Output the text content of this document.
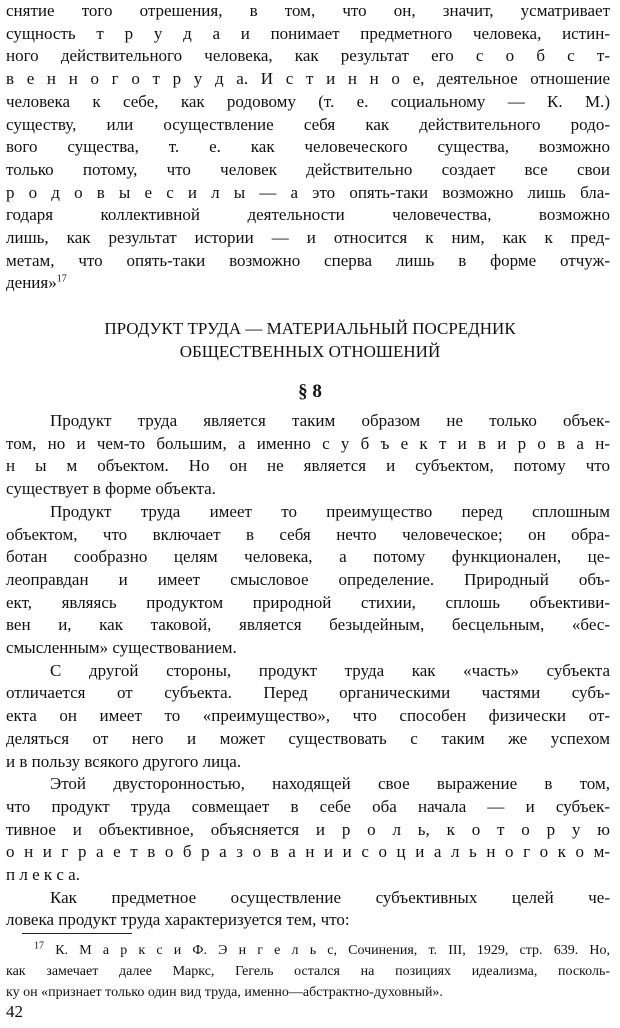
снятие того отрешения, в том, что он, значит, усматривает
сущность т р у д а и понимает предметного человека, истин-
ного действительного человека, как результат его с о б с т-
в е н н о г о т р у д а. И с т и н н о е, деятельное отношение
человека к себе, как родовому (т. е. социальному — К. М.)
существу, или осуществление себя как действительного родо-
вого существа, т. е. как человеческого существа, возможно
только потому, что человек действительно создает все свои
р о д о в ы е с и л ы — а это опять-таки возможно лишь бла-
годаря коллективной деятельности человечества, возможно
лишь, как результат истории — и относится к ним, как к пред-
метам, что опять-таки возможно сперва лишь в форме отчуж-
дения»$^{17}$
ПРОДУКТ ТРУДА — МАТЕРИАЛЬНЫЙ ПОСРЕДНИК
ОБЩЕСТВЕННЫХ ОТНОШЕНИЙ
§ 8
Продукт труда является таким образом не только объек-
том, но и чем-то большим, а именно с у б ъ е к т и в и р о в а н-
н ы м объектом. Но он не является и субъектом, потому что
существует в форме объекта.
Продукт труда имеет то преимущество перед сплошным
объектом, что включает в себя нечто человеческое; он обра-
ботан сообразно целям человека, а потому функционален, це-
леоправдан и имеет смысловое определение. Природный объ-
ект, являясь продуктом природной стихии, сплошь объективи-
вен и, как таковой, является безыдейным, бесцельным, «бес-
смысленным» существованием.
С другой стороны, продукт труда как «часть» субъекта
отличается от субъекта. Перед органическими частями субъ-
екта он имеет то «преимущество», что способен физически от-
деляться от него и может существовать с таким же успехом
и в пользу всякого другого лица.
Этой двусторонностью, находящей свое выражение в том,
что продукт труда совмещает в себе оба начала — и субъек-
тивное и объективное, объясняется и р о л ь, к о т о р у ю
о н и г р а е т в о б р а з о в а н и и с о ц и а л ь н о г о к о м-
п л е к с а.
Как предметное осуществление субъективных целей че-
ловека продукт труда характеризуется тем, что:
$^{17}$ К. М а р к с и Ф. Э н г е л ь с, Сочинения, т. III, 1929, стр. 639. Но,
как замечает далее Маркс, Гегель остался на позициях идеализма, посколь-
ку он «признает только один вид труда, именно—абстрактно-духовный».
42
